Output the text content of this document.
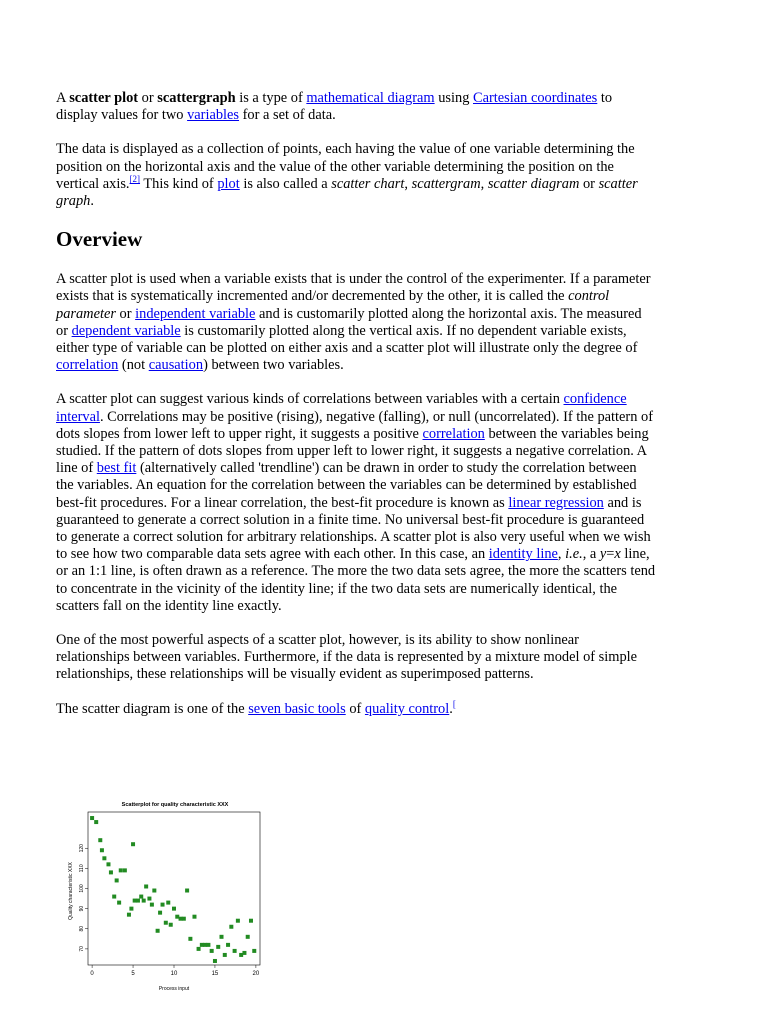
A scatter plot or scattergraph is a type of mathematical diagram using Cartesian coordinates to display values for two variables for a set of data.

The data is displayed as a collection of points, each having the value of one variable determining the position on the horizontal axis and the value of the other variable determining the position on the vertical axis.[2] This kind of plot is also called a scatter chart, scattergram, scatter diagram or scatter graph.

Overview

A scatter plot is used when a variable exists that is under the control of the experimenter. If a parameter exists that is systematically incremented and/or decremented by the other, it is called the control parameter or independent variable and is customarily plotted along the horizontal axis. The measured or dependent variable is customarily plotted along the vertical axis. If no dependent variable exists, either type of variable can be plotted on either axis and a scatter plot will illustrate only the degree of correlation (not causation) between two variables.

A scatter plot can suggest various kinds of correlations between variables with a certain confidence interval. Correlations may be positive (rising), negative (falling), or null (uncorrelated). If the pattern of dots slopes from lower left to upper right, it suggests a positive correlation between the variables being studied. If the pattern of dots slopes from upper left to lower right, it suggests a negative correlation. A line of best fit (alternatively called 'trendline') can be drawn in order to study the correlation between the variables. An equation for the correlation between the variables can be determined by established best-fit procedures. For a linear correlation, the best-fit procedure is known as linear regression and is guaranteed to generate a correct solution in a finite time. No universal best-fit procedure is guaranteed to generate a correct solution for arbitrary relationships. A scatter plot is also very useful when we wish to see how two comparable data sets agree with each other. In this case, an identity line, i.e., a y=x line, or an 1:1 line, is often drawn as a reference. The more the two data sets agree, the more the scatters tend to concentrate in the vicinity of the identity line; if the two data sets are numerically identical, the scatters fall on the identity line exactly.

One of the most powerful aspects of a scatter plot, however, is its ability to show nonlinear relationships between variables. Furthermore, if the data is represented by a mixture model of simple relationships, these relationships will be visually evident as superimposed patterns.

The scatter diagram is one of the seven basic tools of quality control.[

Scatterplot for quality characteristic XXX
0	5	10	15	20
70
80
90
100
110
120
Process input
Quality characteristic XXX
